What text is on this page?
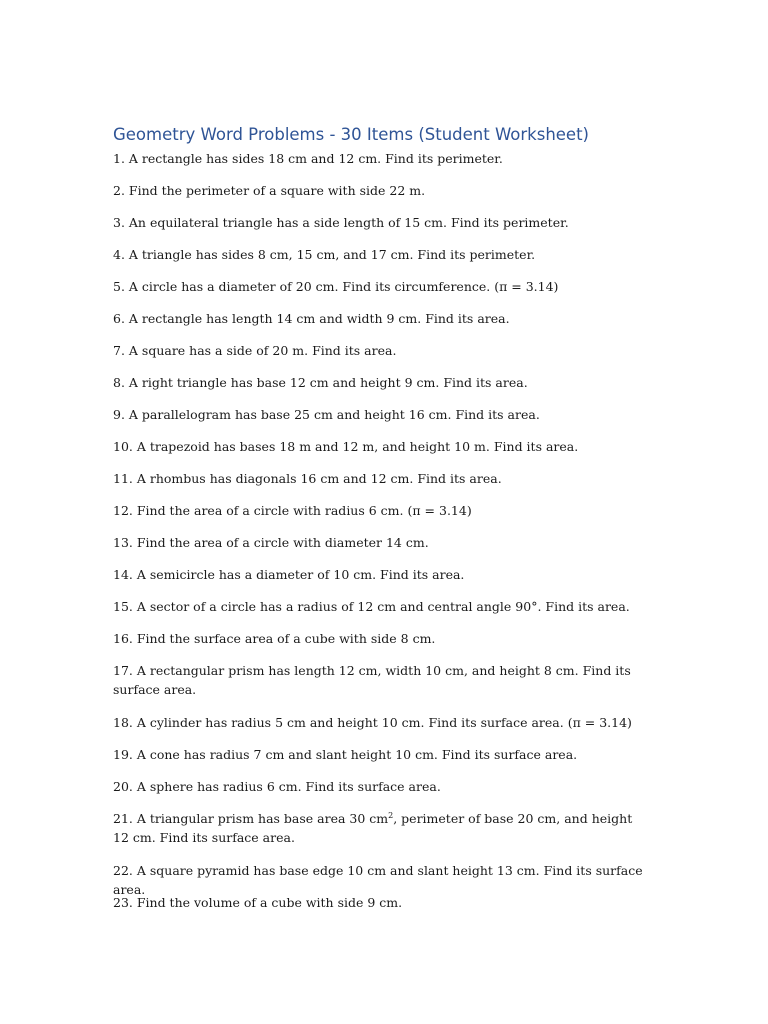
Geometry Word Problems - 30 Items (Student Worksheet)

1. A rectangle has sides 18 cm and 12 cm. Find its perimeter.

2. Find the perimeter of a square with side 22 m.

3. An equilateral triangle has a side length of 15 cm. Find its perimeter.

4. A triangle has sides 8 cm, 15 cm, and 17 cm. Find its perimeter.

5. A circle has a diameter of 20 cm. Find its circumference. (π = 3.14)

6. A rectangle has length 14 cm and width 9 cm. Find its area.

7. A square has a side of 20 m. Find its area.

8. A right triangle has base 12 cm and height 9 cm. Find its area.

9. A parallelogram has base 25 cm and height 16 cm. Find its area.

10. A trapezoid has bases 18 m and 12 m, and height 10 m. Find its area.

11. A rhombus has diagonals 16 cm and 12 cm. Find its area.

12. Find the area of a circle with radius 6 cm. (π = 3.14)

13. Find the area of a circle with diameter 14 cm.

14. A semicircle has a diameter of 10 cm. Find its area.

15. A sector of a circle has a radius of 12 cm and central angle 90°. Find its area.

16. Find the surface area of a cube with side 8 cm.

17. A rectangular prism has length 12 cm, width 10 cm, and height 8 cm. Find its surface area.

18. A cylinder has radius 5 cm and height 10 cm. Find its surface area. (π = 3.14)

19. A cone has radius 7 cm and slant height 10 cm. Find its surface area.

20. A sphere has radius 6 cm. Find its surface area.

21. A triangular prism has base area 30 $cm^2$, perimeter of base 20 cm, and height 12 cm. Find its surface area.

22. A square pyramid has base edge 10 cm and slant height 13 cm. Find its surface area.

23. Find the volume of a cube with side 9 cm.
